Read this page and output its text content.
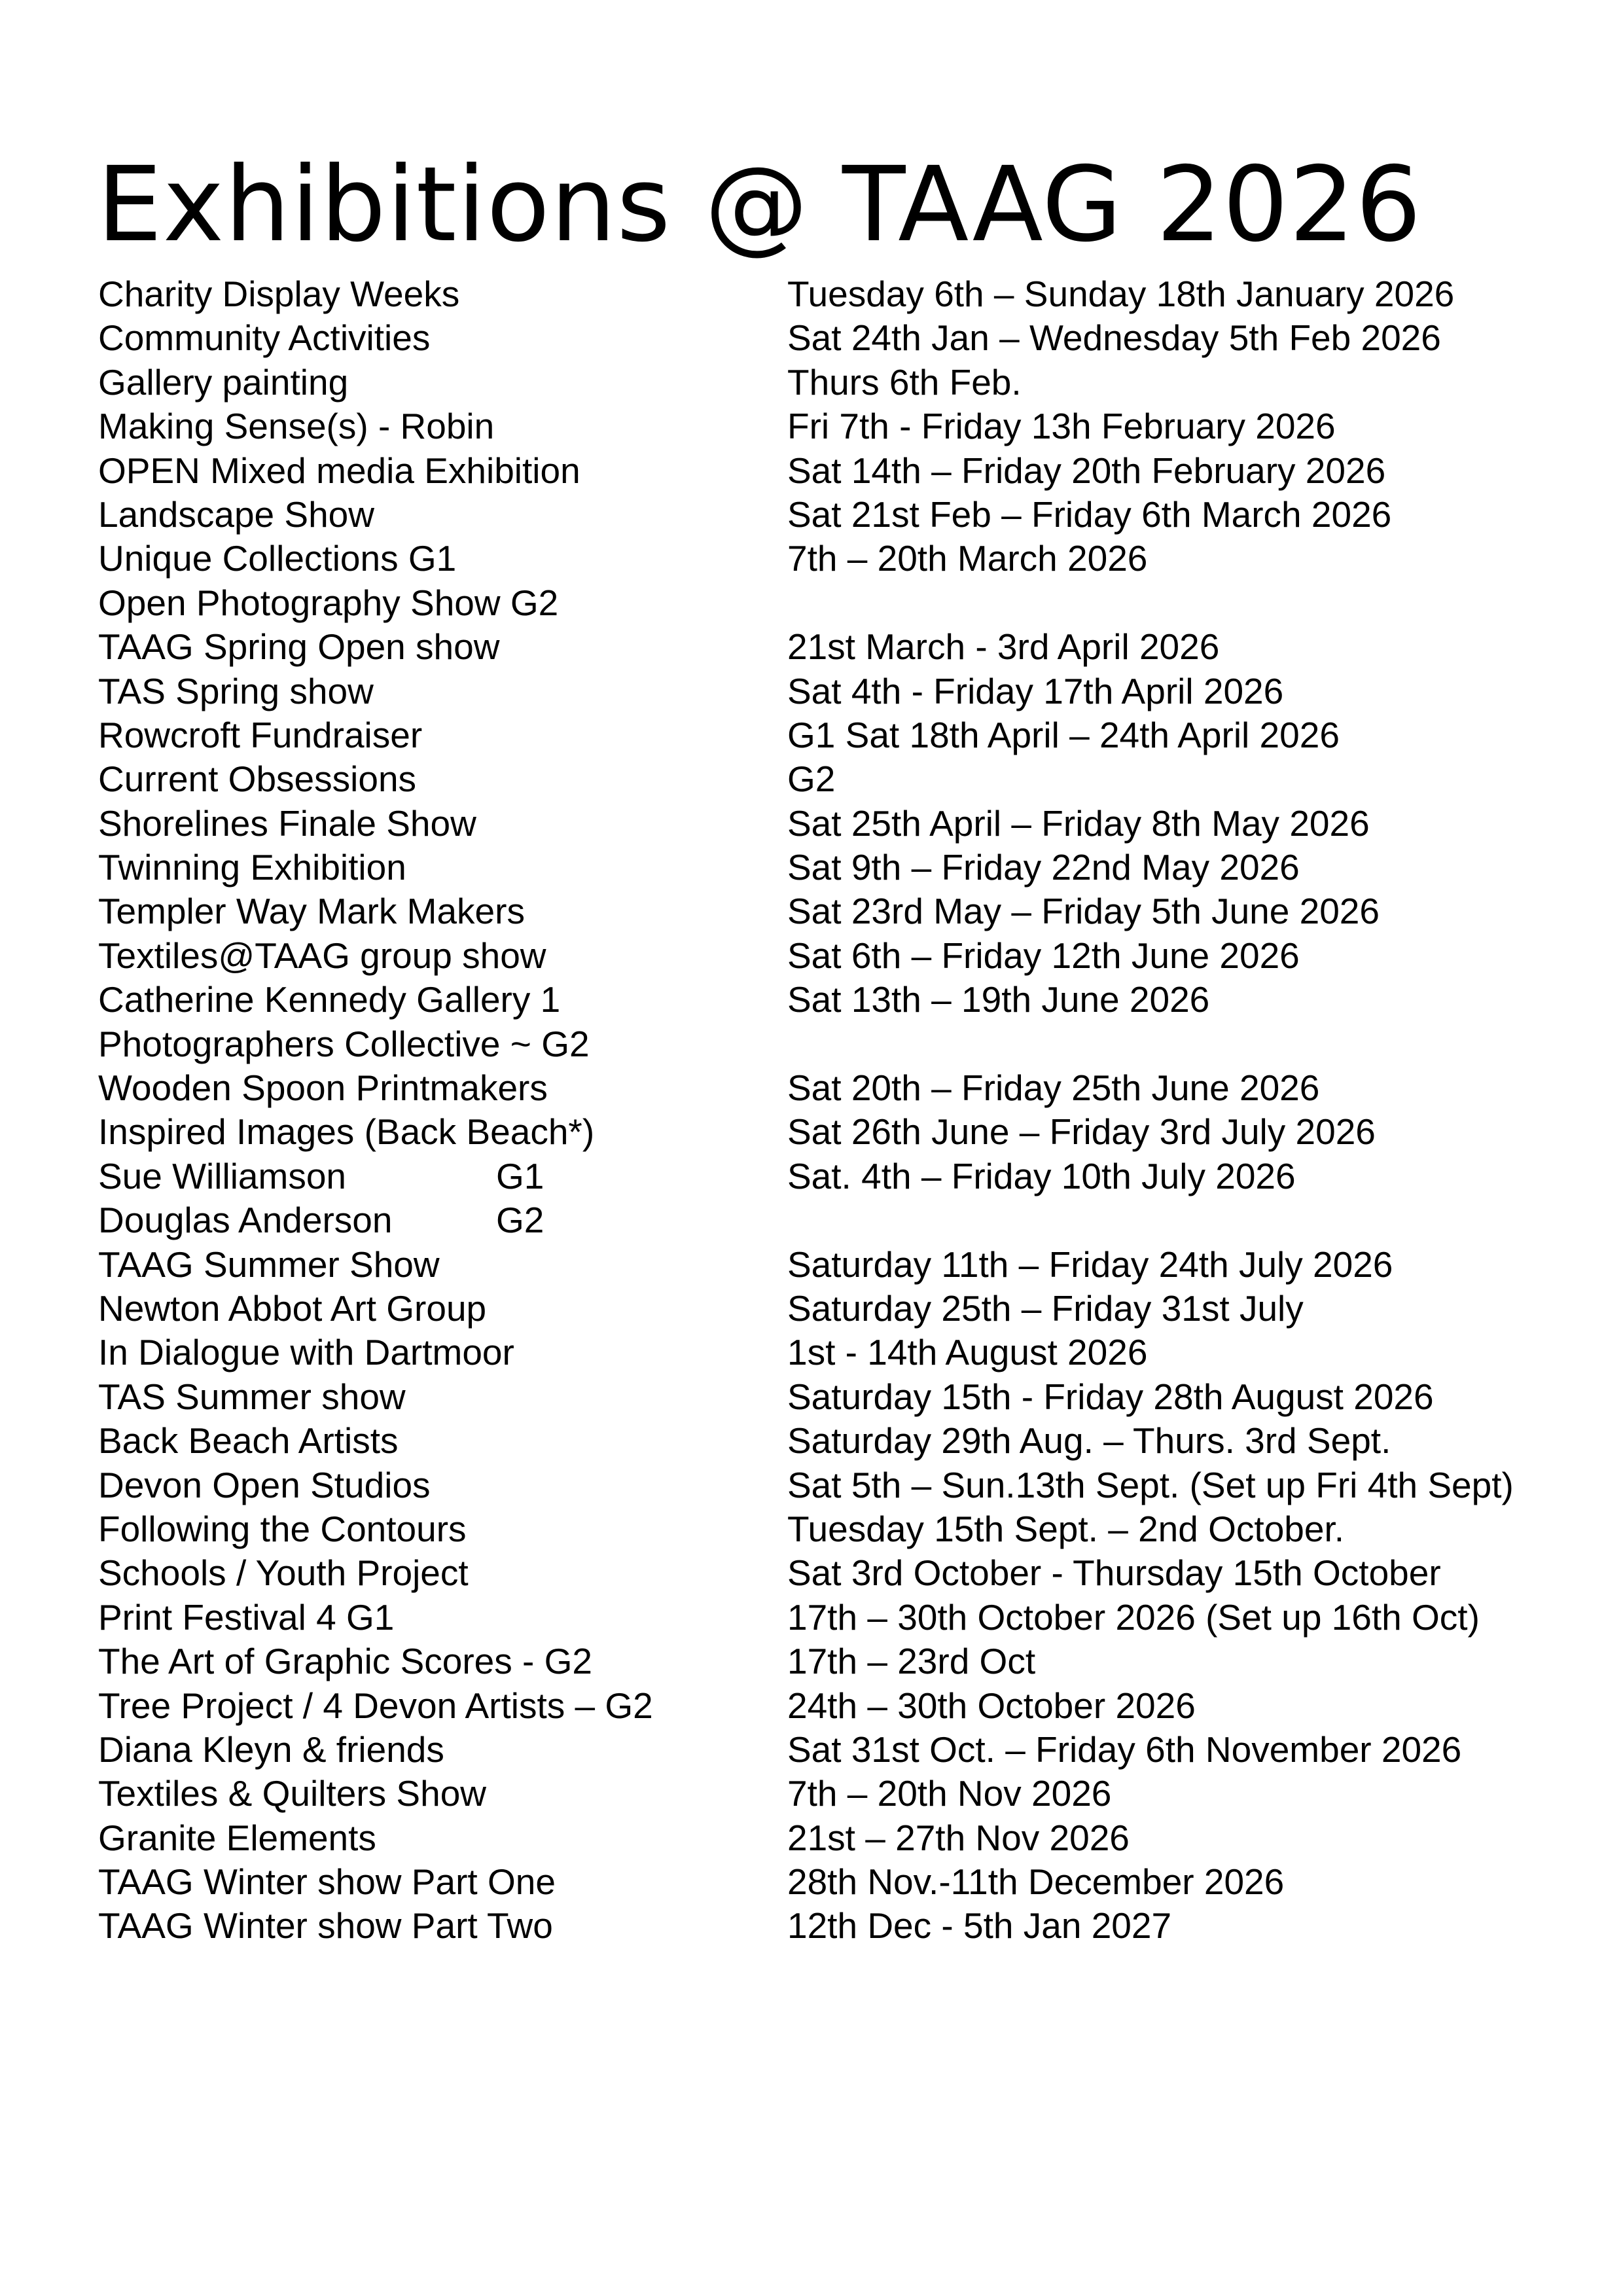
Exhibitions @ TAAG 2026
Charity Display Weeks	Tuesday 6th – Sunday 18th January 2026
Community Activities	Sat 24th Jan – Wednesday 5th Feb 2026
Gallery painting	Thurs 6th Feb.
Making Sense(s) - Robin	Fri 7th - Friday 13h February 2026
OPEN Mixed media Exhibition	Sat 14th – Friday 20th February 2026
Landscape Show	Sat 21st Feb – Friday 6th March 2026
Unique Collections G1	7th – 20th March 2026
Open Photography Show G2
TAAG Spring Open show	21st March - 3rd April 2026
TAS Spring show	Sat 4th - Friday 17th April 2026
Rowcroft Fundraiser	G1 Sat 18th April – 24th April 2026
Current Obsessions	G2
Shorelines Finale Show	Sat 25th April – Friday 8th May 2026
Twinning Exhibition	Sat 9th – Friday 22nd May 2026
Templer Way Mark Makers	Sat 23rd May – Friday 5th June 2026
Textiles@TAAG group show	Sat 6th – Friday 12th June 2026
Catherine Kennedy Gallery 1	Sat 13th – 19th June 2026
Photographers Collective ~ G2
Wooden Spoon Printmakers	Sat 20th – Friday 25th June 2026
Inspired Images (Back Beach*)	Sat 26th June – Friday 3rd July 2026
Sue Williamson	G1	Sat. 4th – Friday 10th July 2026
Douglas Anderson	G2
TAAG Summer Show	Saturday 11th – Friday 24th July 2026
Newton Abbot Art Group	Saturday 25th – Friday 31st July
In Dialogue with Dartmoor	1st - 14th August 2026
TAS Summer show	Saturday 15th - Friday 28th August 2026
Back Beach Artists	Saturday 29th Aug. – Thurs. 3rd Sept.
Devon Open Studios	Sat 5th – Sun.13th Sept. (Set up Fri 4th Sept)
Following the Contours	Tuesday 15th Sept. – 2nd October.
Schools / Youth Project	Sat 3rd October - Thursday 15th October
Print Festival 4 G1	17th – 30th October 2026 (Set up 16th Oct)
The Art of Graphic Scores - G2	17th – 23rd Oct
Tree Project / 4 Devon Artists – G2	24th – 30th October 2026
Diana Kleyn & friends	Sat 31st Oct. – Friday 6th November 2026
Textiles & Quilters Show	7th – 20th Nov 2026
Granite Elements	21st – 27th Nov 2026
TAAG Winter show Part One	28th Nov.-11th December 2026
TAAG Winter show Part Two	12th Dec - 5th Jan 2027
